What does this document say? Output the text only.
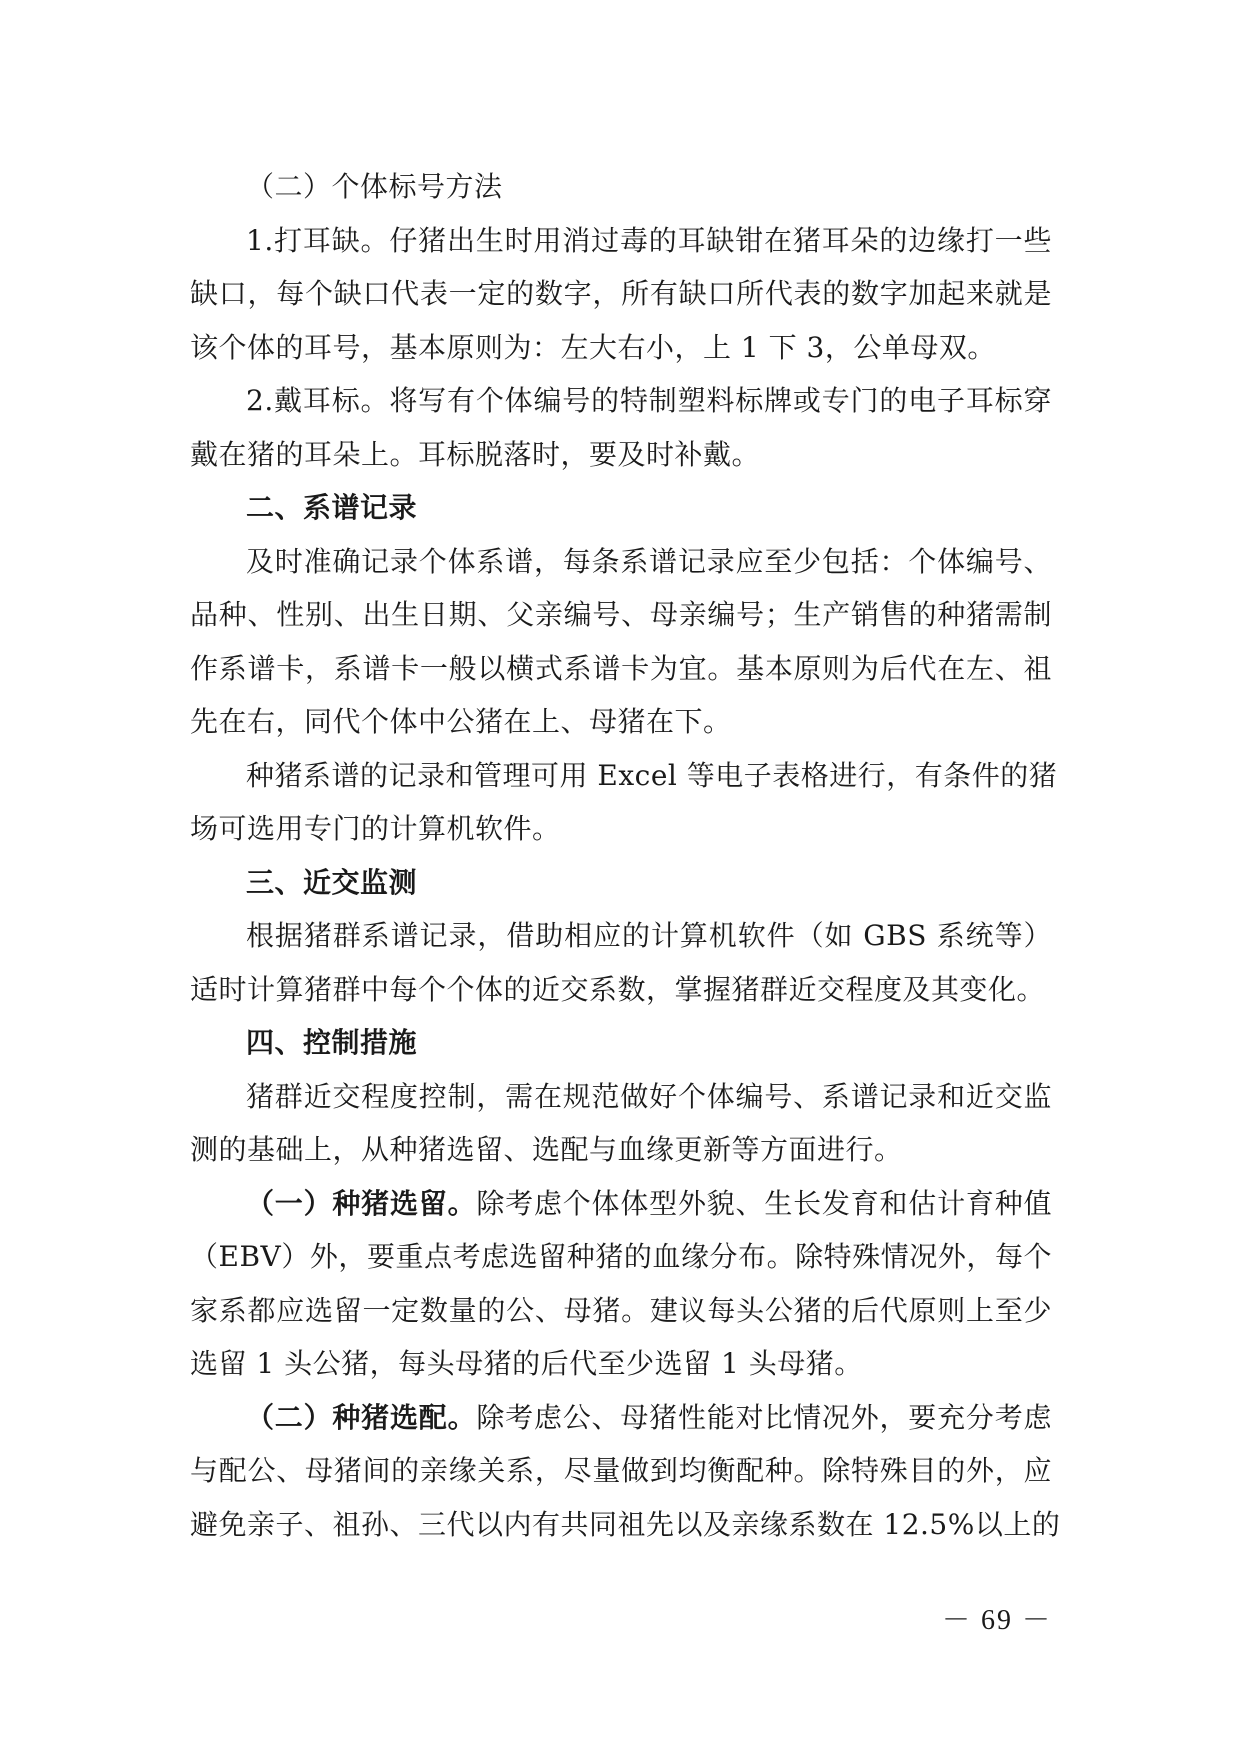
（二）个体标号方法
1.打耳缺。仔猪出生时用消过毒的耳缺钳在猪耳朵的边缘打一些
缺口，每个缺口代表一定的数字，所有缺口所代表的数字加起来就是
该个体的耳号，基本原则为：左大右小，上 1 下 3，公单母双。
2.戴耳标。将写有个体编号的特制塑料标牌或专门的电子耳标穿
戴在猪的耳朵上。耳标脱落时，要及时补戴。
二、系谱记录
及时准确记录个体系谱，每条系谱记录应至少包括：个体编号、
品种、性别、出生日期、父亲编号、母亲编号；生产销售的种猪需制
作系谱卡，系谱卡一般以横式系谱卡为宜。基本原则为后代在左、祖
先在右，同代个体中公猪在上、母猪在下。
种猪系谱的记录和管理可用 Excel 等电子表格进行，有条件的猪
场可选用专门的计算机软件。
三、近交监测
根据猪群系谱记录，借助相应的计算机软件（如 GBS 系统等）
适时计算猪群中每个个体的近交系数，掌握猪群近交程度及其变化。
四、控制措施
猪群近交程度控制，需在规范做好个体编号、系谱记录和近交监
测的基础上，从种猪选留、选配与血缘更新等方面进行。
（一）种猪选留。除考虑个体体型外貌、生长发育和估计育种值
（EBV）外，要重点考虑选留种猪的血缘分布。除特殊情况外，每个
家系都应选留一定数量的公、母猪。建议每头公猪的后代原则上至少
选留 1 头公猪，每头母猪的后代至少选留 1 头母猪。
（二）种猪选配。除考虑公、母猪性能对比情况外，要充分考虑
与配公、母猪间的亲缘关系，尽量做到均衡配种。除特殊目的外，应
避免亲子、祖孙、三代以内有共同祖先以及亲缘系数在 12.5%以上的
－ 69 －
